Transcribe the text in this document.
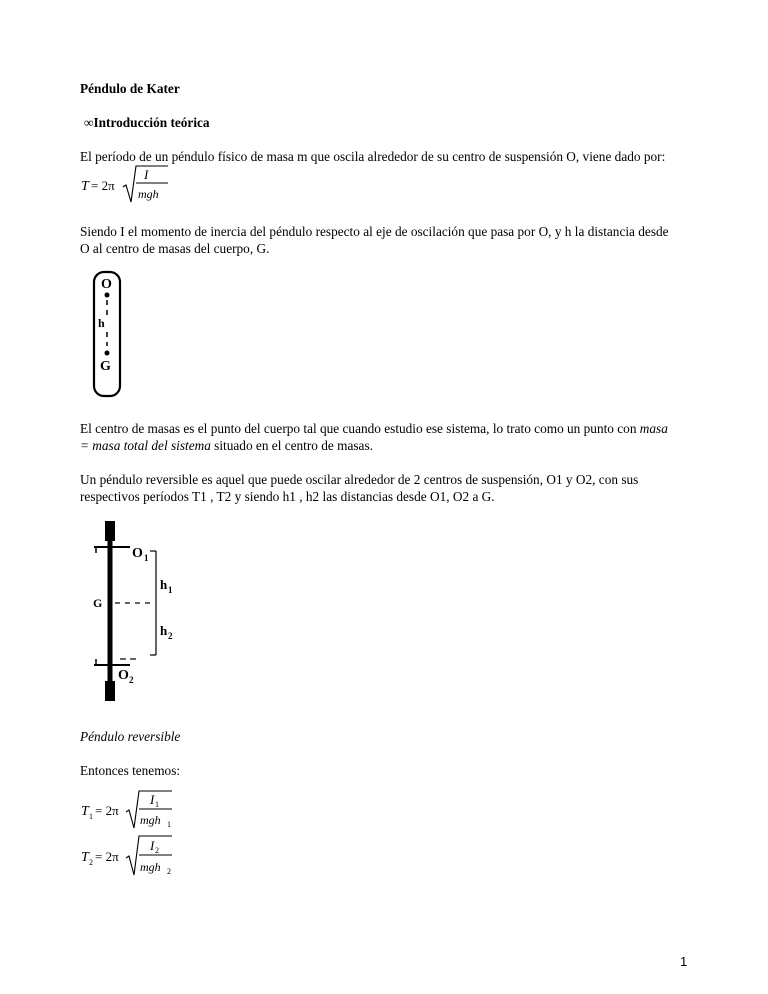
Péndulo de Kater
∞Introducción teórica
El período de un péndulo físico de masa m que oscila alrededor de su centro de suspensión O, viene dado por:
T = 2π
I
mgh
Siendo I el momento de inercia del péndulo respecto al eje de oscilación que pasa por O, y h la distancia desde
O al centro de masas del cuerpo, G.
O
h
G
El centro de masas es el punto del cuerpo tal que cuando estudio ese sistema, lo trato como un punto con masa
= masa total del sistema situado en el centro de masas.
Un péndulo reversible es aquel que puede oscilar alrededor de 2 centros de suspensión, O1 y O2, con sus
respectivos períodos T1 , T2 y siendo h1 , h2 las distancias desde O1, O2 a G.
O 1
h 1
h 2
G
O 2
Péndulo reversible
Entonces tenemos:
T 1 = 2π
I 1
mgh 1
T 2 = 2π
I 2
mgh 2
1
